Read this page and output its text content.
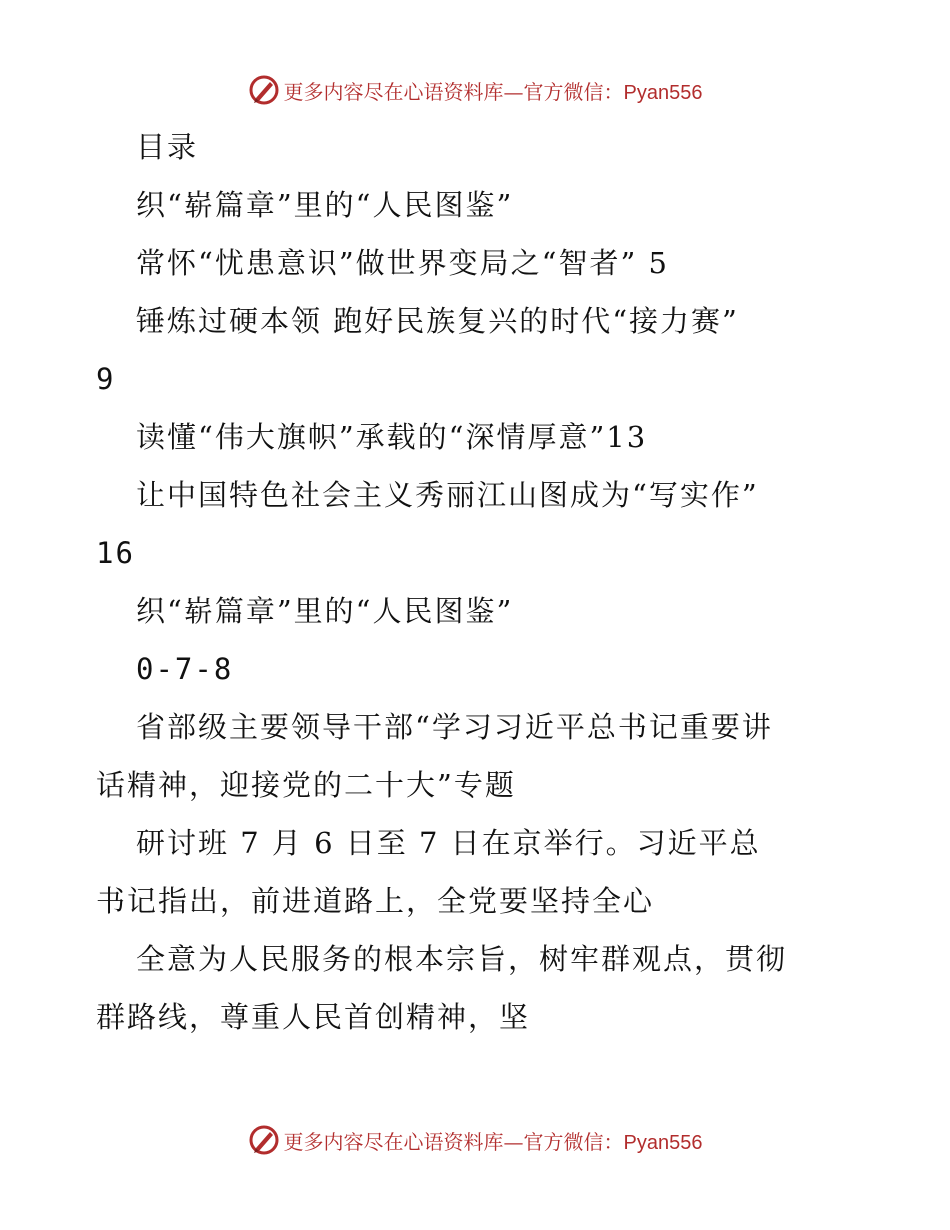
更多内容尽在心语资料库—官方微信：Pyan556
目录
织“崭篇章”里的“人民图鉴”
常怀“忧患意识”做世界变局之“智者” 5
锤炼过硬本领 跑好民族复兴的时代“接力赛”
9
读懂“伟大旗帜”承载的“深情厚意”13
让中国特色社会主义秀丽江山图成为“写实作”
16
织“崭篇章”里的“人民图鉴”
0-7-8
省部级主要领导干部“学习习近平总书记重要讲
话精神，迎接党的二十大”专题
研讨班 7 月 6 日至 7 日在京举行。习近平总
书记指出，前进道路上，全党要坚持全心
全意为人民服务的根本宗旨，树牢群观点，贯彻
群路线，尊重人民首创精神，坚
更多内容尽在心语资料库—官方微信：Pyan556
